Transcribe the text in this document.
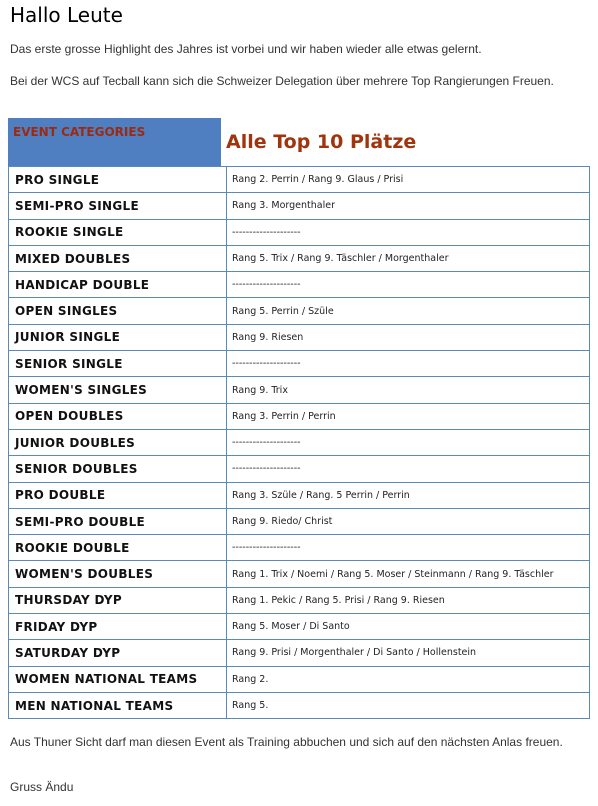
Hallo Leute
Das erste grosse Highlight des Jahres ist vorbei und wir haben wieder alle etwas gelernt.
Bei der WCS auf Tecball kann sich die Schweizer Delegation über mehrere Top Rangierungen Freuen.
EVENT CATEGORIES	Alle Top 10 Plätze
PRO SINGLE	Rang 2. Perrin / Rang 9. Glaus / Prisi
SEMI-PRO SINGLE	Rang 3. Morgenthaler
ROOKIE SINGLE	--------------------
MIXED DOUBLES	Rang 5. Trix / Rang 9. Täschler / Morgenthaler
HANDICAP DOUBLE	--------------------
OPEN SINGLES	Rang 5. Perrin / Szüle
JUNIOR SINGLE	Rang 9. Riesen
SENIOR SINGLE	--------------------
WOMEN'S SINGLES	Rang 9. Trix
OPEN DOUBLES	Rang 3. Perrin / Perrin
JUNIOR DOUBLES	--------------------
SENIOR DOUBLES	--------------------
PRO DOUBLE	Rang 3. Szüle / Rang. 5 Perrin / Perrin
SEMI-PRO DOUBLE	Rang 9. Riedo/ Christ
ROOKIE DOUBLE	--------------------
WOMEN'S DOUBLES	Rang 1. Trix / Noemi / Rang 5. Moser / Steinmann / Rang 9. Täschler
THURSDAY DYP	Rang 1. Pekic / Rang 5. Prisi / Rang 9. Riesen
FRIDAY DYP	Rang 5. Moser / Di Santo
SATURDAY DYP	Rang 9. Prisi / Morgenthaler / Di Santo / Hollenstein
WOMEN NATIONAL TEAMS	Rang 2.
MEN NATIONAL TEAMS	Rang 5.
Aus Thuner Sicht darf man diesen Event als Training abbuchen und sich auf den nächsten Anlas freuen.
Gruss Ändu
